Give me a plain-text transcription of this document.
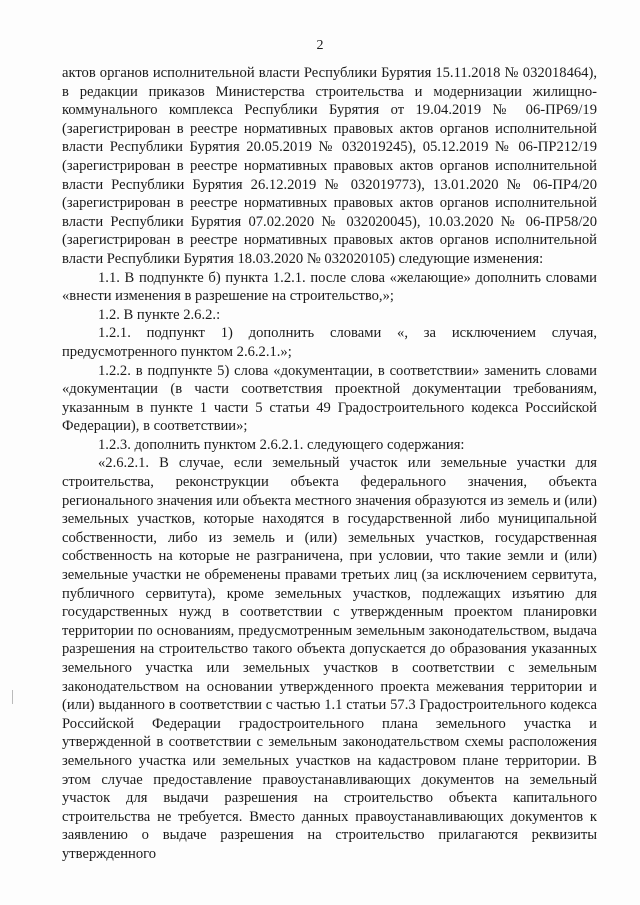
2

актов органов исполнительной власти Республики Бурятия 15.11.2018 № 032018464), в редакции приказов Министерства строительства и модернизации жилищно-коммунального комплекса Республики Бурятия от 19.04.2019 № 06-ПР69/19 (зарегистрирован в реестре нормативных правовых актов органов исполнительной власти Республики Бурятия 20.05.2019 № 032019245), 05.12.2019 № 06-ПР212/19 (зарегистрирован в реестре нормативных правовых актов органов исполнительной власти Республики Бурятия 26.12.2019 № 032019773), 13.01.2020 № 06-ПР4/20 (зарегистрирован в реестре нормативных правовых актов органов исполнительной власти Республики Бурятия 07.02.2020 № 032020045), 10.03.2020 № 06-ПР58/20 (зарегистрирован в реестре нормативных правовых актов органов исполнительной власти Республики Бурятия 18.03.2020 № 032020105) следующие изменения:

1.1. В подпункте б) пункта 1.2.1. после слова «желающие» дополнить словами «внести изменения в разрешение на строительство,»;

1.2. В пункте 2.6.2.:

1.2.1. подпункт 1) дополнить словами «, за исключением случая, предусмотренного пунктом 2.6.2.1.»;

1.2.2. в подпункте 5) слова «документации, в соответствии» заменить словами «документации (в части соответствия проектной документации требованиям, указанным в пункте 1 части 5 статьи 49 Градостроительного кодекса Российской Федерации), в соответствии»;

1.2.3. дополнить пунктом 2.6.2.1. следующего содержания:

«2.6.2.1. В случае, если земельный участок или земельные участки для строительства, реконструкции объекта федерального значения, объекта регионального значения или объекта местного значения образуются из земель и (или) земельных участков, которые находятся в государственной либо муниципальной собственности, либо из земель и (или) земельных участков, государственная собственность на которые не разграничена, при условии, что такие земли и (или) земельные участки не обременены правами третьих лиц (за исключением сервитута, публичного сервитута), кроме земельных участков, подлежащих изъятию для государственных нужд в соответствии с утвержденным проектом планировки территории по основаниям, предусмотренным земельным законодательством, выдача разрешения на строительство такого объекта допускается до образования указанных земельного участка или земельных участков в соответствии с земельным законодательством на основании утвержденного проекта межевания территории и (или) выданного в соответствии с частью 1.1 статьи 57.3 Градостроительного кодекса Российской Федерации градостроительного плана земельного участка и утвержденной в соответствии с земельным законодательством схемы расположения земельного участка или земельных участков на кадастровом плане территории. В этом случае предоставление правоустанавливающих документов на земельный участок для выдачи разрешения на строительство объекта капитального строительства не требуется. Вместо данных правоустанавливающих документов к заявлению о выдаче разрешения на строительство прилагаются реквизиты утвержденного
